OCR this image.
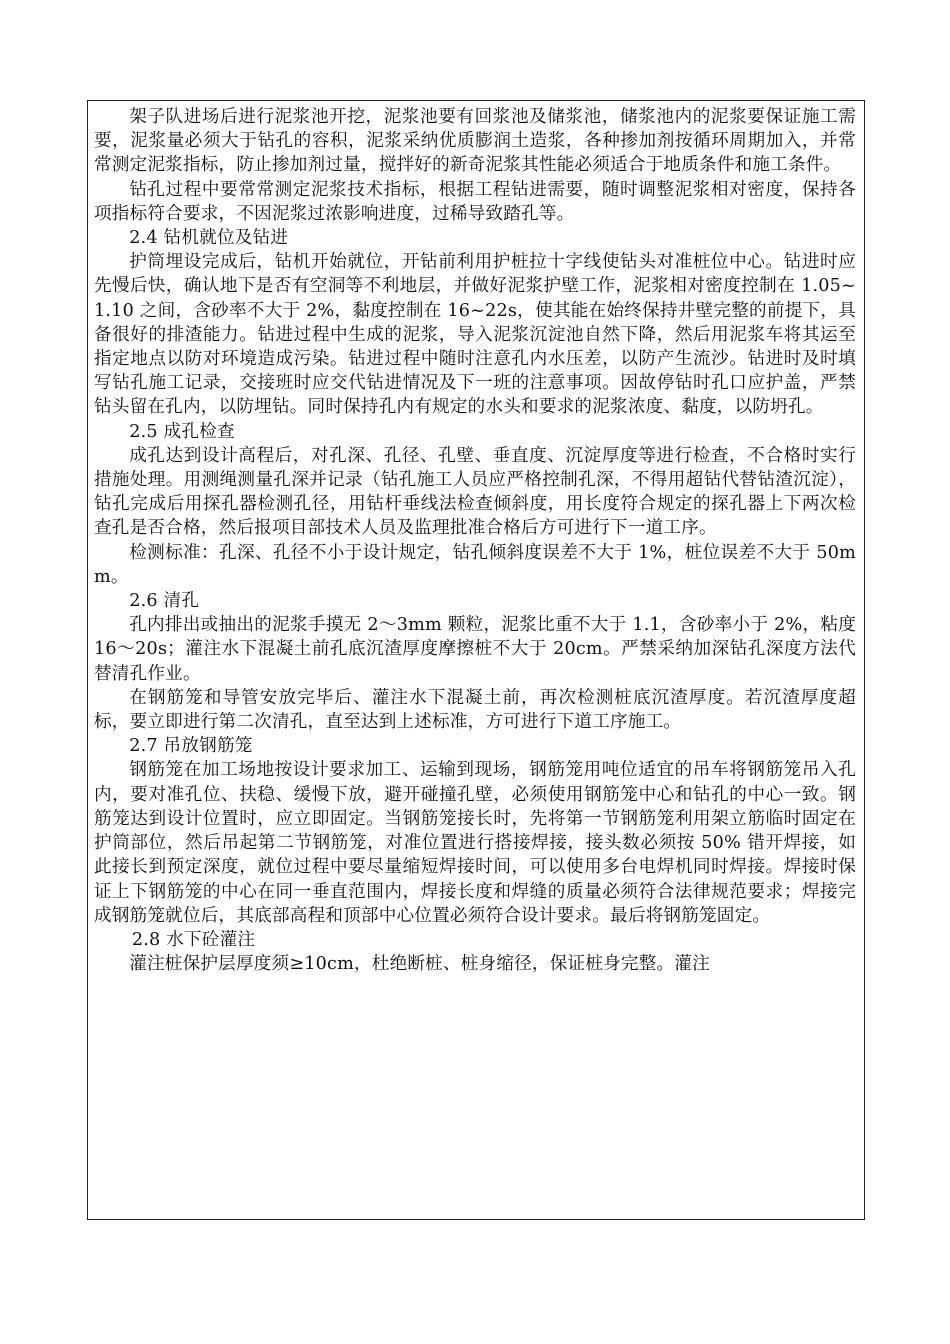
架子队进场后进行泥浆池开挖，泥浆池要有回浆池及储浆池，储浆池内的泥浆要保证施工需要，泥浆量必须大于钻孔的容积，泥浆采纳优质膨润土造浆，各种掺加剂按循环周期加入，并常常测定泥浆指标，防止掺加剂过量，搅拌好的新奇泥浆其性能必须适合于地质条件和施工条件。

钻孔过程中要常常测定泥浆技术指标，根据工程钻进需要，随时调整泥浆相对密度，保持各项指标符合要求，不因泥浆过浓影响进度，过稀导致踏孔等。

2.4 钻机就位及钻进

护筒埋设完成后，钻机开始就位，开钻前利用护桩拉十字线使钻头对准桩位中心。钻进时应先慢后快，确认地下是否有空洞等不利地层，并做好泥浆护壁工作，泥浆相对密度控制在 1.05~1.10 之间，含砂率不大于 2%，黏度控制在 16~22s，使其能在始终保持井壁完整的前提下，具备很好的排渣能力。钻进过程中生成的泥浆，导入泥浆沉淀池自然下降，然后用泥浆车将其运至指定地点以防对环境造成污染。钻进过程中随时注意孔内水压差，以防产生流沙。钻进时及时填写钻孔施工记录，交接班时应交代钻进情况及下一班的注意事项。因故停钻时孔口应护盖，严禁钻头留在孔内，以防埋钻。同时保持孔内有规定的水头和要求的泥浆浓度、黏度，以防坍孔。

2.5 成孔检查

成孔达到设计高程后，对孔深、孔径、孔壁、垂直度、沉淀厚度等进行检查，不合格时实行措施处理。用测绳测量孔深并记录（钻孔施工人员应严格控制孔深，不得用超钻代替钻渣沉淀），钻孔完成后用探孔器检测孔径，用钻杆垂线法检查倾斜度，用长度符合规定的探孔器上下两次检查孔是否合格，然后报项目部技术人员及监理批准合格后方可进行下一道工序。

检测标准：孔深、孔径不小于设计规定，钻孔倾斜度误差不大于 1%，桩位误差不大于 50mm。

2.6 清孔

孔内排出或抽出的泥浆手摸无 2～3mm 颗粒，泥浆比重不大于 1.1，含砂率小于 2%，粘度 16～20s；灌注水下混凝土前孔底沉渣厚度摩擦桩不大于 20cm。严禁采纳加深钻孔深度方法代替清孔作业。

在钢筋笼和导管安放完毕后、灌注水下混凝土前，再次检测桩底沉渣厚度。若沉渣厚度超标，要立即进行第二次清孔，直至达到上述标准，方可进行下道工序施工。

2.7 吊放钢筋笼

钢筋笼在加工场地按设计要求加工、运输到现场，钢筋笼用吨位适宜的吊车将钢筋笼吊入孔内，要对准孔位、扶稳、缓慢下放，避开碰撞孔壁，必须使用钢筋笼中心和钻孔的中心一致。钢筋笼达到设计位置时，应立即固定。当钢筋笼接长时，先将第一节钢筋笼利用架立筋临时固定在护筒部位，然后吊起第二节钢筋笼，对准位置进行搭接焊接，接头数必须按 50% 错开焊接，如此接长到预定深度，就位过程中要尽量缩短焊接时间，可以使用多台电焊机同时焊接。焊接时保证上下钢筋笼的中心在同一垂直范围内，焊接长度和焊缝的质量必须符合法律规范要求；焊接完成钢筋笼就位后，其底部高程和顶部中心位置必须符合设计要求。最后将钢筋笼固定。

2.8 水下砼灌注

灌注桩保护层厚度须≥10cm，杜绝断桩、桩身缩径，保证桩身完整。灌注
